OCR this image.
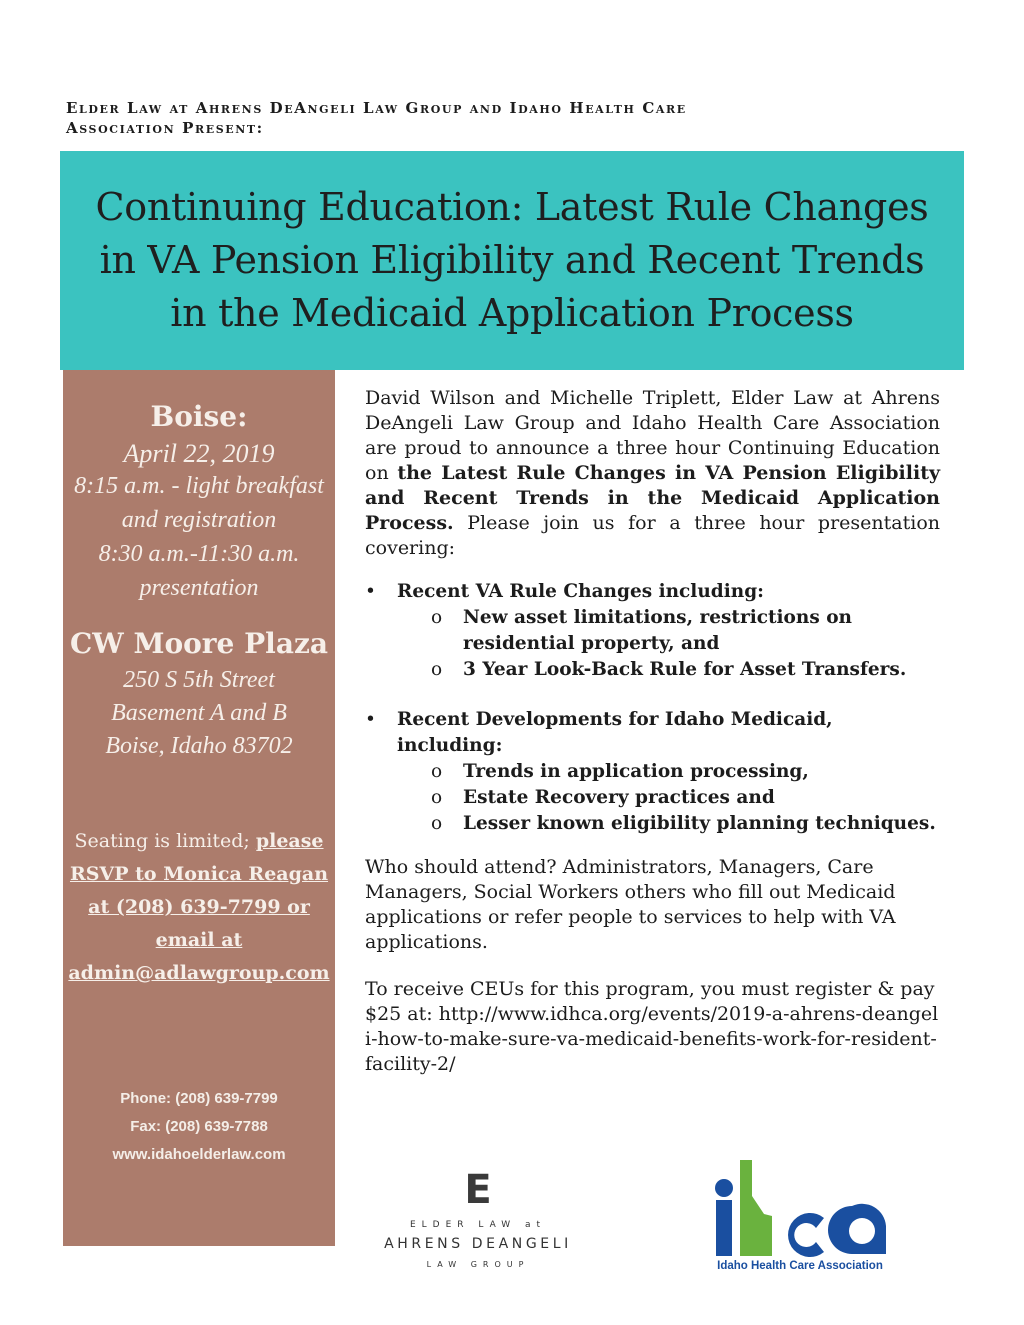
Elder Law at Ahrens DeAngeli Law Group and Idaho Health Care Association Present:
Continuing Education: Latest Rule Changes in VA Pension Eligibility and Recent Trends in the Medicaid Application Process
Boise:
April 22, 2019
8:15 a.m. - light breakfast and registration
8:30 a.m.-11:30 a.m. presentation
CW Moore Plaza
250 S 5th Street
Basement A and B
Boise, Idaho 83702
Seating is limited; please RSVP to Monica Reagan at (208) 639-7799 or email at admin@adlawgroup.com
Phone: (208) 639-7799
Fax: (208) 639-7788
www.idahoelderlaw.com
David Wilson and Michelle Triplett, Elder Law at Ahrens DeAngeli Law Group and Idaho Health Care Association are proud to announce a three hour Continuing Education on the Latest Rule Changes in VA Pension Eligibility and Recent Trends in the Medicaid Application Process. Please join us for a three hour presentation covering:
• Recent VA Rule Changes including:
o New asset limitations, restrictions on residential property, and
o 3 Year Look-Back Rule for Asset Transfers.
• Recent Developments for Idaho Medicaid, including:
o Trends in application processing,
o Estate Recovery practices and
o Lesser known eligibility planning techniques.
Who should attend? Administrators, Managers, Care Managers, Social Workers others who fill out Medicaid applications or refer people to services to help with VA applications.
To receive CEUs for this program, you must register & pay $25 at: http://www.idhca.org/events/2019-a-ahrens-deangeli-how-to-make-sure-va-medicaid-benefits-work-for-resident-facility-2/
E
ELDER LAW at
AHRENS DEANGELI
LAW GROUP	Idaho Health Care Association
